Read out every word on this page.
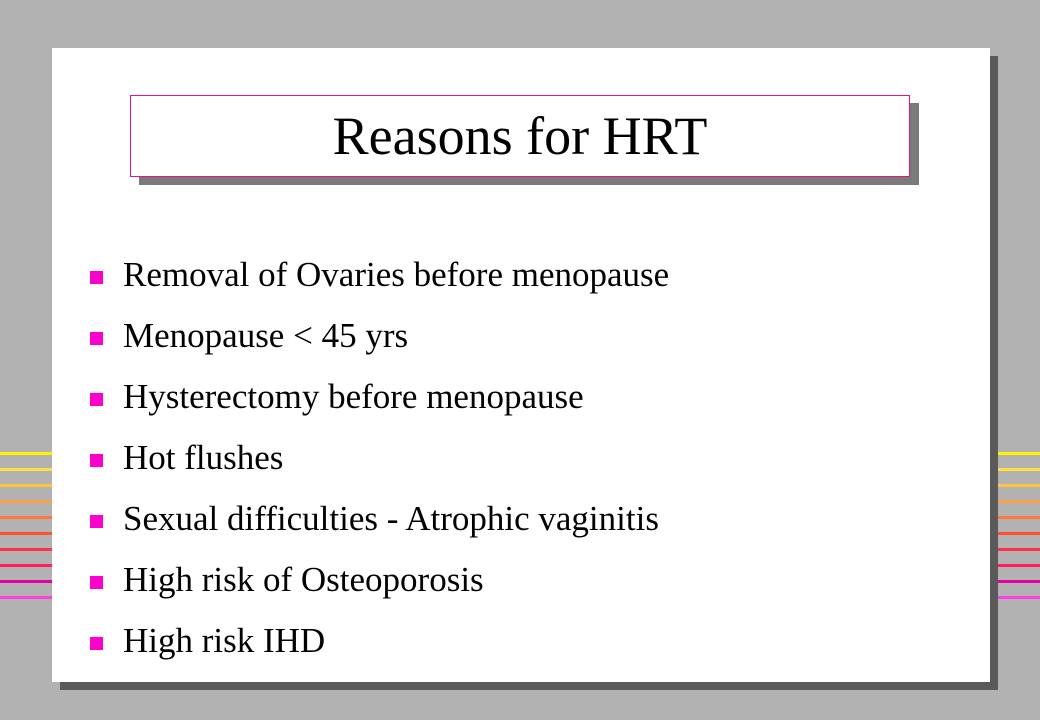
Reasons for HRT
Removal of Ovaries before menopause
Menopause < 45 yrs
Hysterectomy before menopause
Hot flushes
Sexual difficulties - Atrophic vaginitis
High risk of Osteoporosis
High risk IHD
